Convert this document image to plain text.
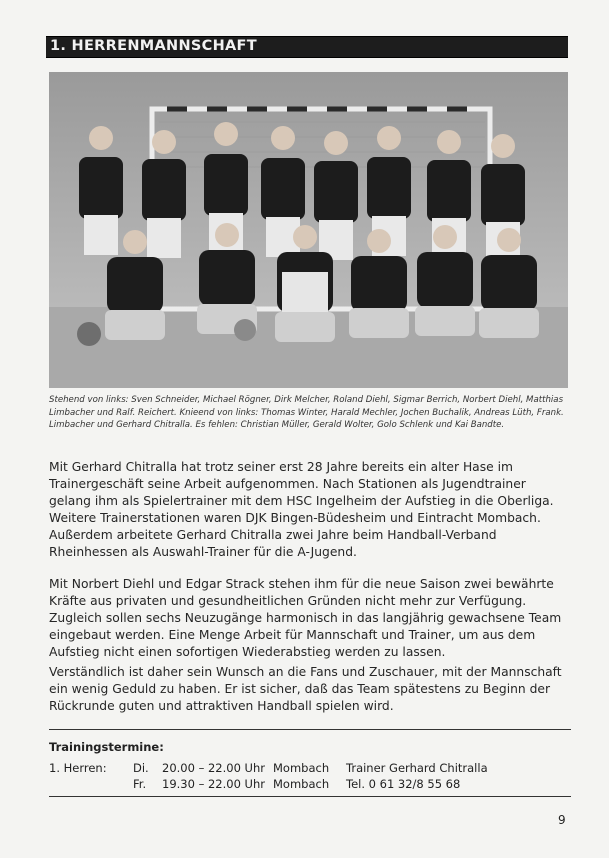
1. HERRENMANNSCHAFT
Stehend von links: Sven Schneider, Michael Rögner, Dirk Melcher, Roland Diehl, Sigmar Berrich, Norbert Diehl, Matthias Limbacher und Ralf. Reichert. Knieend von links: Thomas Winter, Harald Mechler, Jochen Buchalik, Andreas Lüth, Frank. Limbacher und Gerhard Chitralla. Es fehlen: Christian Müller, Gerald Wolter, Golo Schlenk und Kai Bandte.

Mit Gerhard Chitralla hat trotz seiner erst 28 Jahre bereits ein alter Hase im Trainergeschäft seine Arbeit aufgenommen. Nach Stationen als Jugendtrainer gelang ihm als Spielertrainer mit dem HSC Ingelheim der Aufstieg in die Oberliga. Weitere Trainerstationen waren DJK Bingen-Büdesheim und Eintracht Mombach. Außerdem arbeitete Gerhard Chitralla zwei Jahre beim Handball-Verband Rheinhessen als Auswahl-Trainer für die A-Jugend.

Mit Norbert Diehl und Edgar Strack stehen ihm für die neue Saison zwei bewährte Kräfte aus privaten und gesundheitlichen Gründen nicht mehr zur Verfügung. Zugleich sollen sechs Neuzugänge harmonisch in das langjährig gewachsene Team eingebaut werden. Eine Menge Arbeit für Mannschaft und Trainer, um aus dem Aufstieg nicht einen sofortigen Wiederabstieg werden zu lassen.

Verständlich ist daher sein Wunsch an die Fans und Zuschauer, mit der Mannschaft ein wenig Geduld zu haben. Er ist sicher, daß das Team spätestens zu Beginn der Rückrunde guten und attraktiven Handball spielen wird.

Trainingstermine:
1. Herren: Di. 20.00 – 22.00 Uhr Mombach Trainer Gerhard Chitralla
Fr. 19.30 – 22.00 Uhr Mombach Tel. 0 61 32/8 55 68
9
